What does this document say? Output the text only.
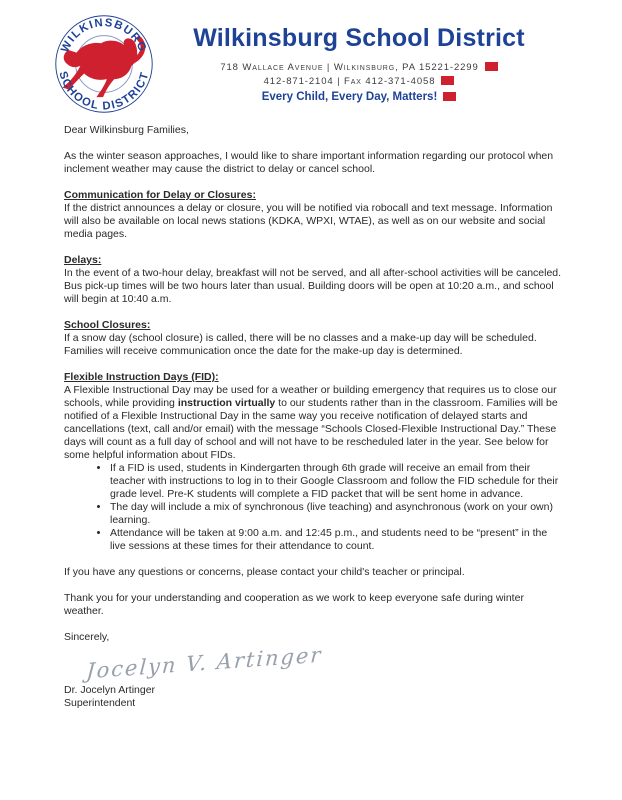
WILKINSBURG
SCHOOL DISTRICT
Wilkinsburg School District
718 Wallace Avenue | Wilkinsburg, PA 15221-2299
412-871-2104 | Fax 412-371-4058
Every Child, Every Day, Matters!

Dear Wilkinsburg Families,

As the winter season approaches, I would like to share important information regarding our protocol when inclement weather may cause the district to delay or cancel school.

Communication for Delay or Closures:

If the district announces a delay or closure, you will be notified via robocall and text message. Information will also be available on local news stations (KDKA, WPXI, WTAE), as well as on our website and social media pages.

Delays:

In the event of a two-hour delay, breakfast will not be served, and all after-school activities will be canceled. Bus pick-up times will be two hours later than usual. Building doors will be open at 10:20 a.m., and school will begin at 10:40 a.m.

School Closures:

If a snow day (school closure) is called, there will be no classes and a make-up day will be scheduled. Families will receive communication once the date for the make-up day is determined.

Flexible Instruction Days (FID):

A Flexible Instructional Day may be used for a weather or building emergency that requires us to close our schools, while providing instruction virtually to our students rather than in the classroom. Families will be notified of a Flexible Instructional Day in the same way you receive notification of delayed starts and cancellations (text, call and/or email) with the message “Schools Closed-Flexible Instructional Day.” These days will count as a full day of school and will not have to be rescheduled later in the year. See below for some helpful information about FIDs.

• If a FID is used, students in Kindergarten through 6th grade will receive an email from their teacher with instructions to log in to their Google Classroom and follow the FID schedule for their grade level. Pre-K students will complete a FID packet that will be sent home in advance.
• The day will include a mix of synchronous (live teaching) and asynchronous (work on your own) learning.
• Attendance will be taken at 9:00 a.m. and 12:45 p.m., and students need to be “present” in the live sessions at these times for their attendance to count.

If you have any questions or concerns, please contact your child's teacher or principal.

Thank you for your understanding and cooperation as we work to keep everyone safe during winter weather.

Sincerely,

Jocelyn V. Artinger

Dr. Jocelyn Artinger

Superintendent
